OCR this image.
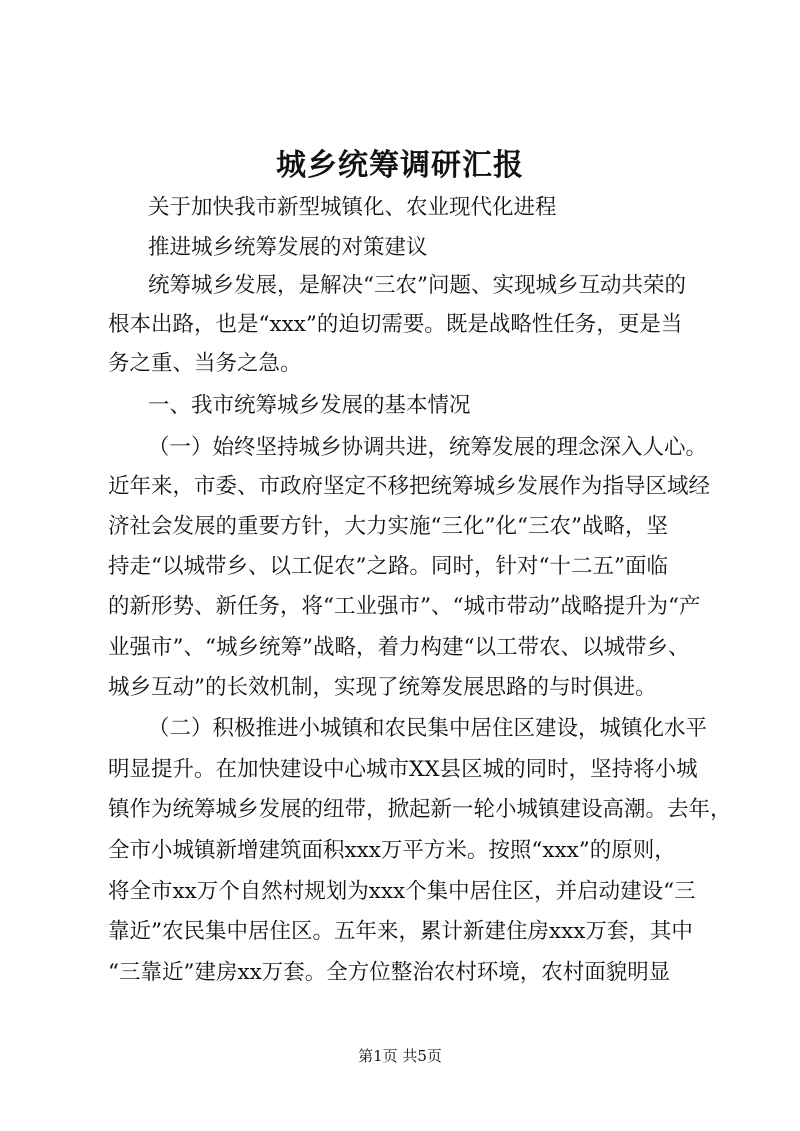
城乡统筹调研汇报

关于加快我市新型城镇化、农业现代化进程

推进城乡统筹发展的对策建议

统筹城乡发展，是解决“三农”问题、实现城乡互动共荣的

根本出路，也是“xxx”的迫切需要。既是战略性任务，更是当

务之重、当务之急。

一、我市统筹城乡发展的基本情况

（一）始终坚持城乡协调共进，统筹发展的理念深入人心。

近年来，市委、市政府坚定不移把统筹城乡发展作为指导区域经

济社会发展的重要方针，大力实施“三化”化“三农”战略，坚

持走“以城带乡、以工促农”之路。同时，针对“十二五”面临

的新形势、新任务，将“工业强市”、“城市带动”战略提升为“产

业强市”、“城乡统筹”战略，着力构建“以工带农、以城带乡、

城乡互动”的长效机制，实现了统筹发展思路的与时俱进。

（二）积极推进小城镇和农民集中居住区建设，城镇化水平

明显提升。在加快建设中心城市XX县区城的同时，坚持将小城

镇作为统筹城乡发展的纽带，掀起新一轮小城镇建设高潮。去年，

全市小城镇新增建筑面积xxx万平方米。按照“xxx”的原则，

将全市xx万个自然村规划为xxx个集中居住区，并启动建设“三

靠近”农民集中居住区。五年来，累计新建住房xxx万套，其中

“三靠近”建房xx万套。全方位整治农村环境，农村面貌明显

第1页 共5页
